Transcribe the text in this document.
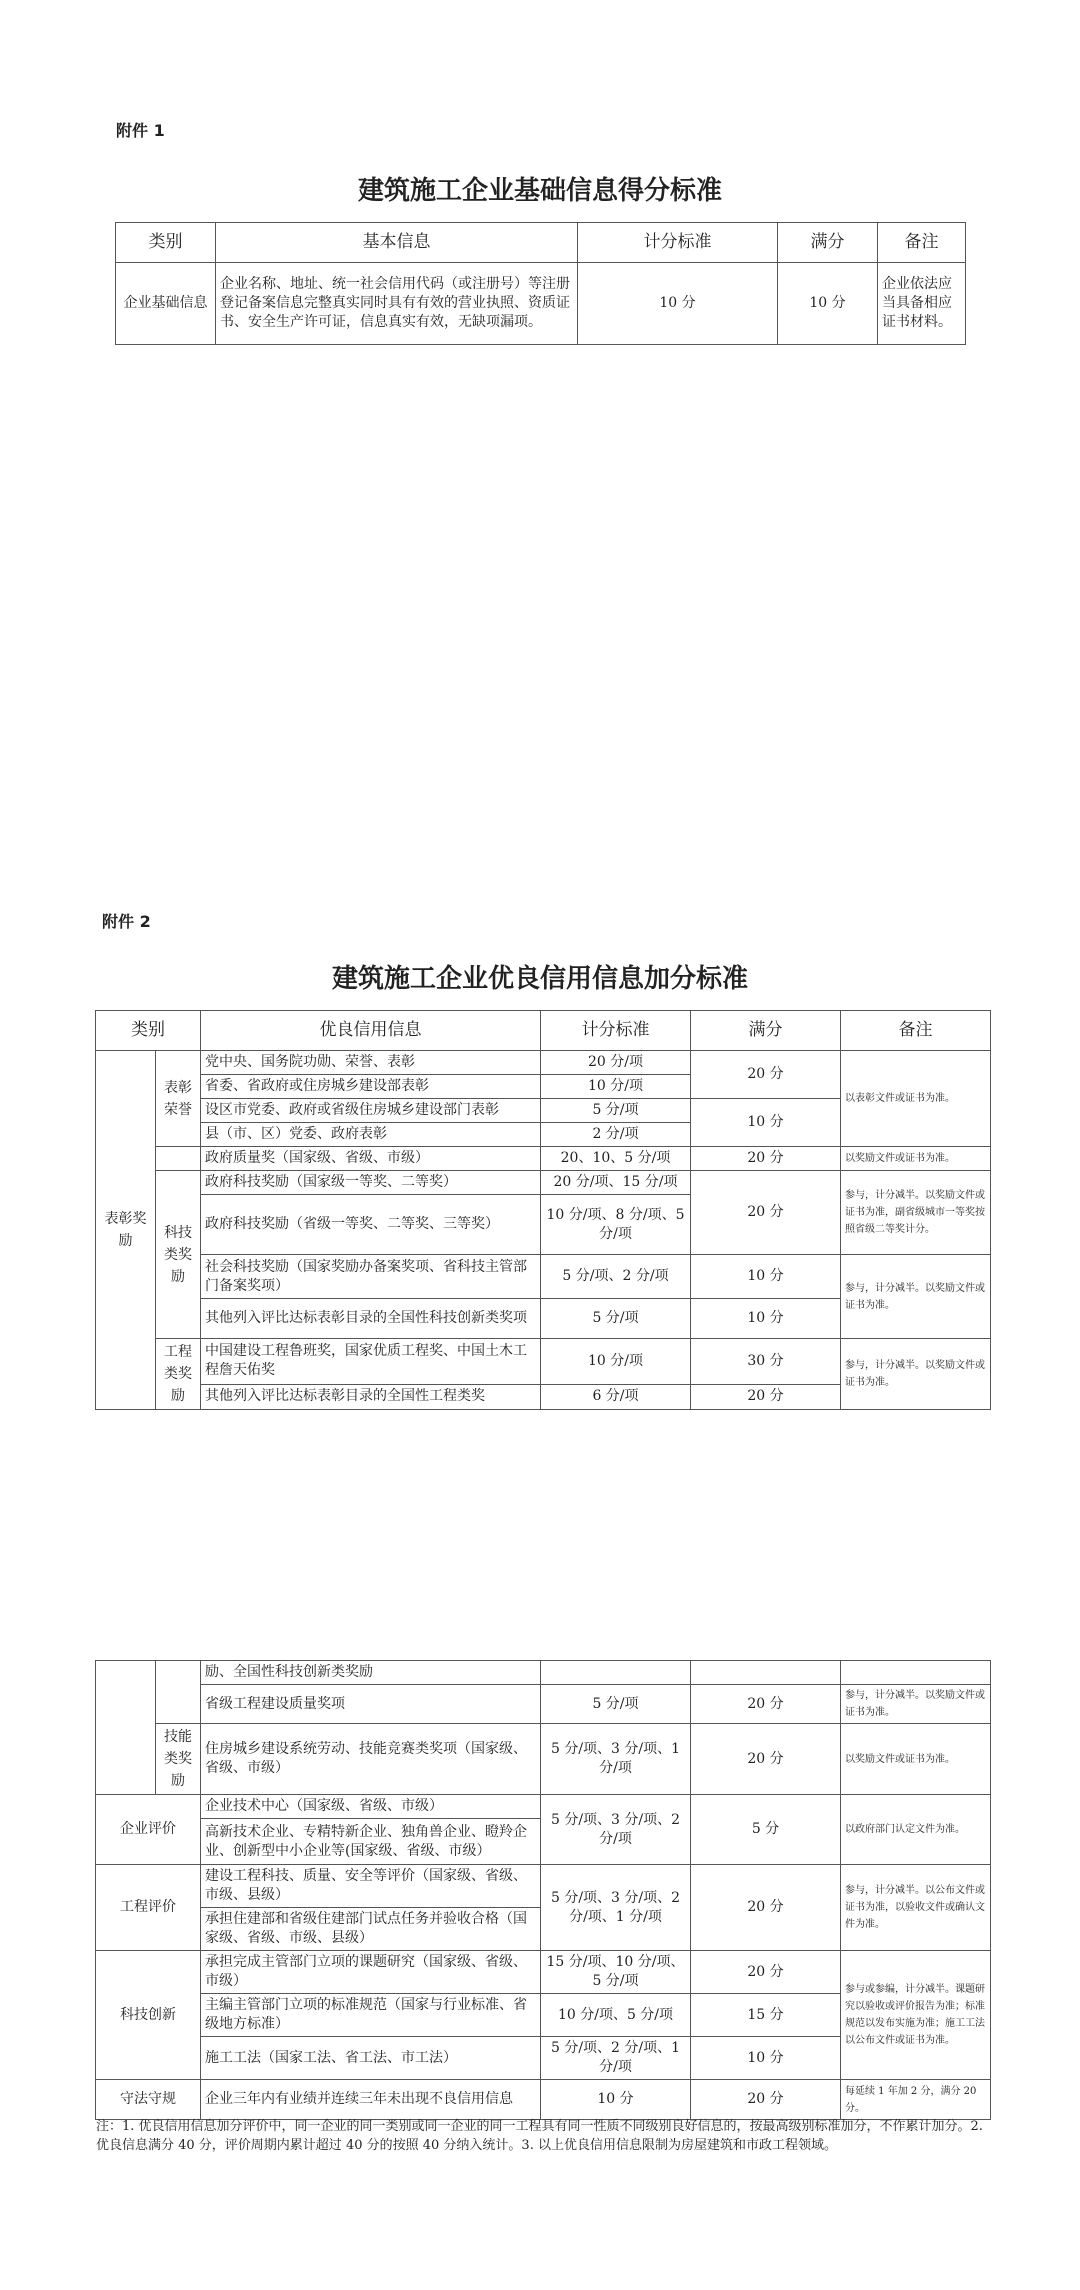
附件 1
建筑施工企业基础信息得分标准
类别	基本信息	计分标准	满分	备注
企业基础信息	企业名称、地址、统一社会信用代码（或注册号）等注册登记备案信息完整真实同时具有有效的营业执照、资质证书、安全生产许可证，信息真实有效，无缺项漏项。	10 分	10 分	企业依法应当具备相应证书材料。
附件 2
建筑施工企业优良信用信息加分标准
类别		优良信用信息	计分标准	满分	备注
表彰奖励	表彰荣誉	党中央、国务院功勋、荣誉、表彰	20 分/项	20 分	以表彰文件或证书为准。
		省委、省政府或住房城乡建设部表彰	10 分/项		
		设区市党委、政府或省级住房城乡建设部门表彰	5 分/项	10 分	
		县（市、区）党委、政府表彰	2 分/项		
		政府质量奖（国家级、省级、市级）	20、10、5 分/项	20 分	以奖励文件或证书为准。
	科技类奖励	政府科技奖励（国家级一等奖、二等奖）	20 分/项、15 分/项	20 分	参与，计分减半。以奖励文件或证书为准，副省级城市一等奖按照省级二等奖计分。
		政府科技奖励（省级一等奖、二等奖、三等奖）	10 分/项、8 分/项、5 分/项		
		社会科技奖励（国家奖励办备案奖项、省科技主管部门备案奖项）	5 分/项、2 分/项	10 分	参与，计分减半。以奖励文件或证书为准。
		其他列入评比达标表彰目录的全国性科技创新类奖项	5 分/项	10 分	
	工程类奖励	中国建设工程鲁班奖，国家优质工程奖、中国土木工程詹天佑奖	10 分/项	30 分	参与，计分减半。以奖励文件或证书为准。
		其他列入评比达标表彰目录的全国性工程类奖	6 分/项	20 分	
		励、全国性科技创新类奖励			
		省级工程建设质量奖项	5 分/项	20 分	参与，计分减半。以奖励文件或证书为准。
	技能类奖励	住房城乡建设系统劳动、技能竞赛类奖项（国家级、省级、市级）	5 分/项、3 分/项、1 分/项	20 分	以奖励文件或证书为准。
企业评价		企业技术中心（国家级、省级、市级）	5 分/项、3 分/项、2 分/项	5 分	以政府部门认定文件为准。
		高新技术企业、专精特新企业、独角兽企业、瞪羚企业、创新型中小企业等(国家级、省级、市级）			
工程评价		建设工程科技、质量、安全等评价（国家级、省级、市级、县级）	5 分/项、3 分/项、2 分/项、1 分/项	20 分	参与，计分减半。以公布文件或证书为准，以验收文件或确认文件为准。
		承担住建部和省级住建部门试点任务并验收合格（国家级、省级、市级、县级）			
科技创新		承担完成主管部门立项的课题研究（国家级、省级、市级）	15 分/项、10 分/项、5 分/项	20 分	参与或参编，计分减半。课题研究以验收或评价报告为准；标准规范以发布实施为准；施工工法以公布文件或证书为准。
		主编主管部门立项的标准规范（国家与行业标准、省级地方标准）	10 分/项、5 分/项	15 分	
		施工工法（国家工法、省工法、市工法）	5 分/项、2 分/项、1 分/项	10 分	
守法守规		企业三年内有业绩并连续三年未出现不良信用信息	10 分	20 分	每延续 1 年加 2 分，满分 20 分。
注：1. 优良信用信息加分评价中，同一企业的同一类别或同一企业的同一工程具有同一性质不同级别良好信息的，按最高级别标准加分，不作累计加分。2. 优良信息满分 40 分，评价周期内累计超过 40 分的按照 40 分纳入统计。3. 以上优良信用信息限制为房屋建筑和市政工程领域。
